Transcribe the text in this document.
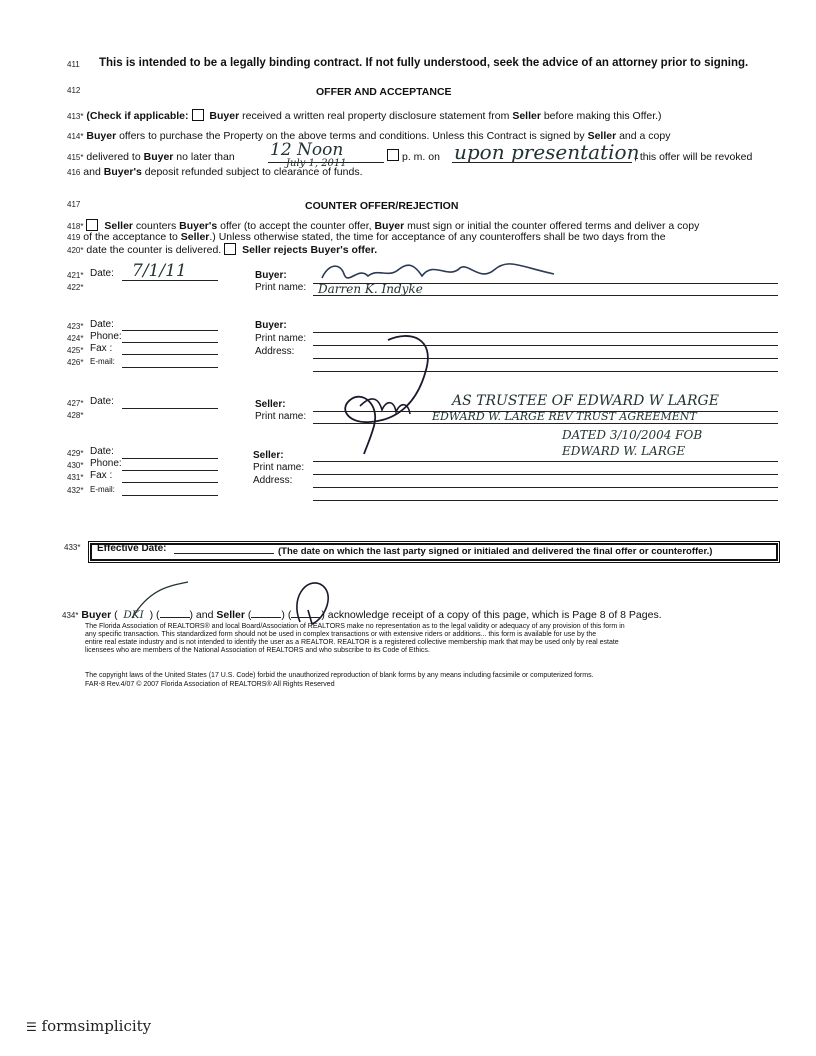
411 This is intended to be a legally binding contract. If not fully understood, seek the advice of an attorney prior to signing.
412	OFFER AND ACCEPTANCE
413* (Check if applicable: Buyer received a written real property disclosure statement from Seller before making this Offer.)
414* Buyer offers to purchase the Property on the above terms and conditions. Unless this Contract is signed by Seller and a copy
415* delivered to Buyer no later than	p. m. on	, this offer will be revoked
12 Noon
July 1, 2011	upon presentation
416 and Buyer's deposit refunded subject to clearance of funds.
417	COUNTER OFFER/REJECTION
418* Seller counters Buyer's offer (to accept the counter offer, Buyer must sign or initial the counter offered terms and deliver a copy
419 of the acceptance to Seller.) Unless otherwise stated, the time for acceptance of any counteroffers shall be two days from the
420* date the counter is delivered. Seller rejects Buyer's offer.
421*
422*
Date: 7/1/11	Buyer:
Print name: Darren K. Indyke
423*
424*
425*
426*
Date:
Phone:
Fax :
E-mail:
Buyer:
Print name:
Address:
427*
428*
Date:	Seller:
Print name:
AS TRUSTEE OF EDWARD W LARGE
EDWARD W. LARGE REV TRUST AGREEMENT
DATED 3/10/2004 FOB
EDWARD W. LARGE
429*
430*
431*
432*
Date:
Phone:
Fax :
E-mail:
Seller:
Print name:
Address:
433* Effective Date:	(The date on which the last party signed or initialed and delivered the final offer or counteroffer.)
434* Buyer ( DKI ) (	) and Seller (	) (	) acknowledge receipt of a copy of this page, which is Page 8 of 8 Pages.
The Florida Association of REALTORS® and local Board/Association of REALTORS make no representation as to the legal validity or adequacy of any provision of this form in
any specific transaction. This standardized form should not be used in complex transactions or with extensive riders or additions... this form is available for use by the
entire real estate industry and is not intended to identify the user as a REALTOR. REALTOR is a registered collective membership mark that may be used only by real estate
licensees who are members of the National Association of REALTORS and who subscribe to its Code of Ethics.
The copyright laws of the United States (17 U.S. Code) forbid the unauthorized reproduction of blank forms by any means including facsimile or computerized forms.
FAR-8 Rev.4/07 © 2007 Florida Association of REALTORS® All Rights Reserved
☰ formsimplicity
